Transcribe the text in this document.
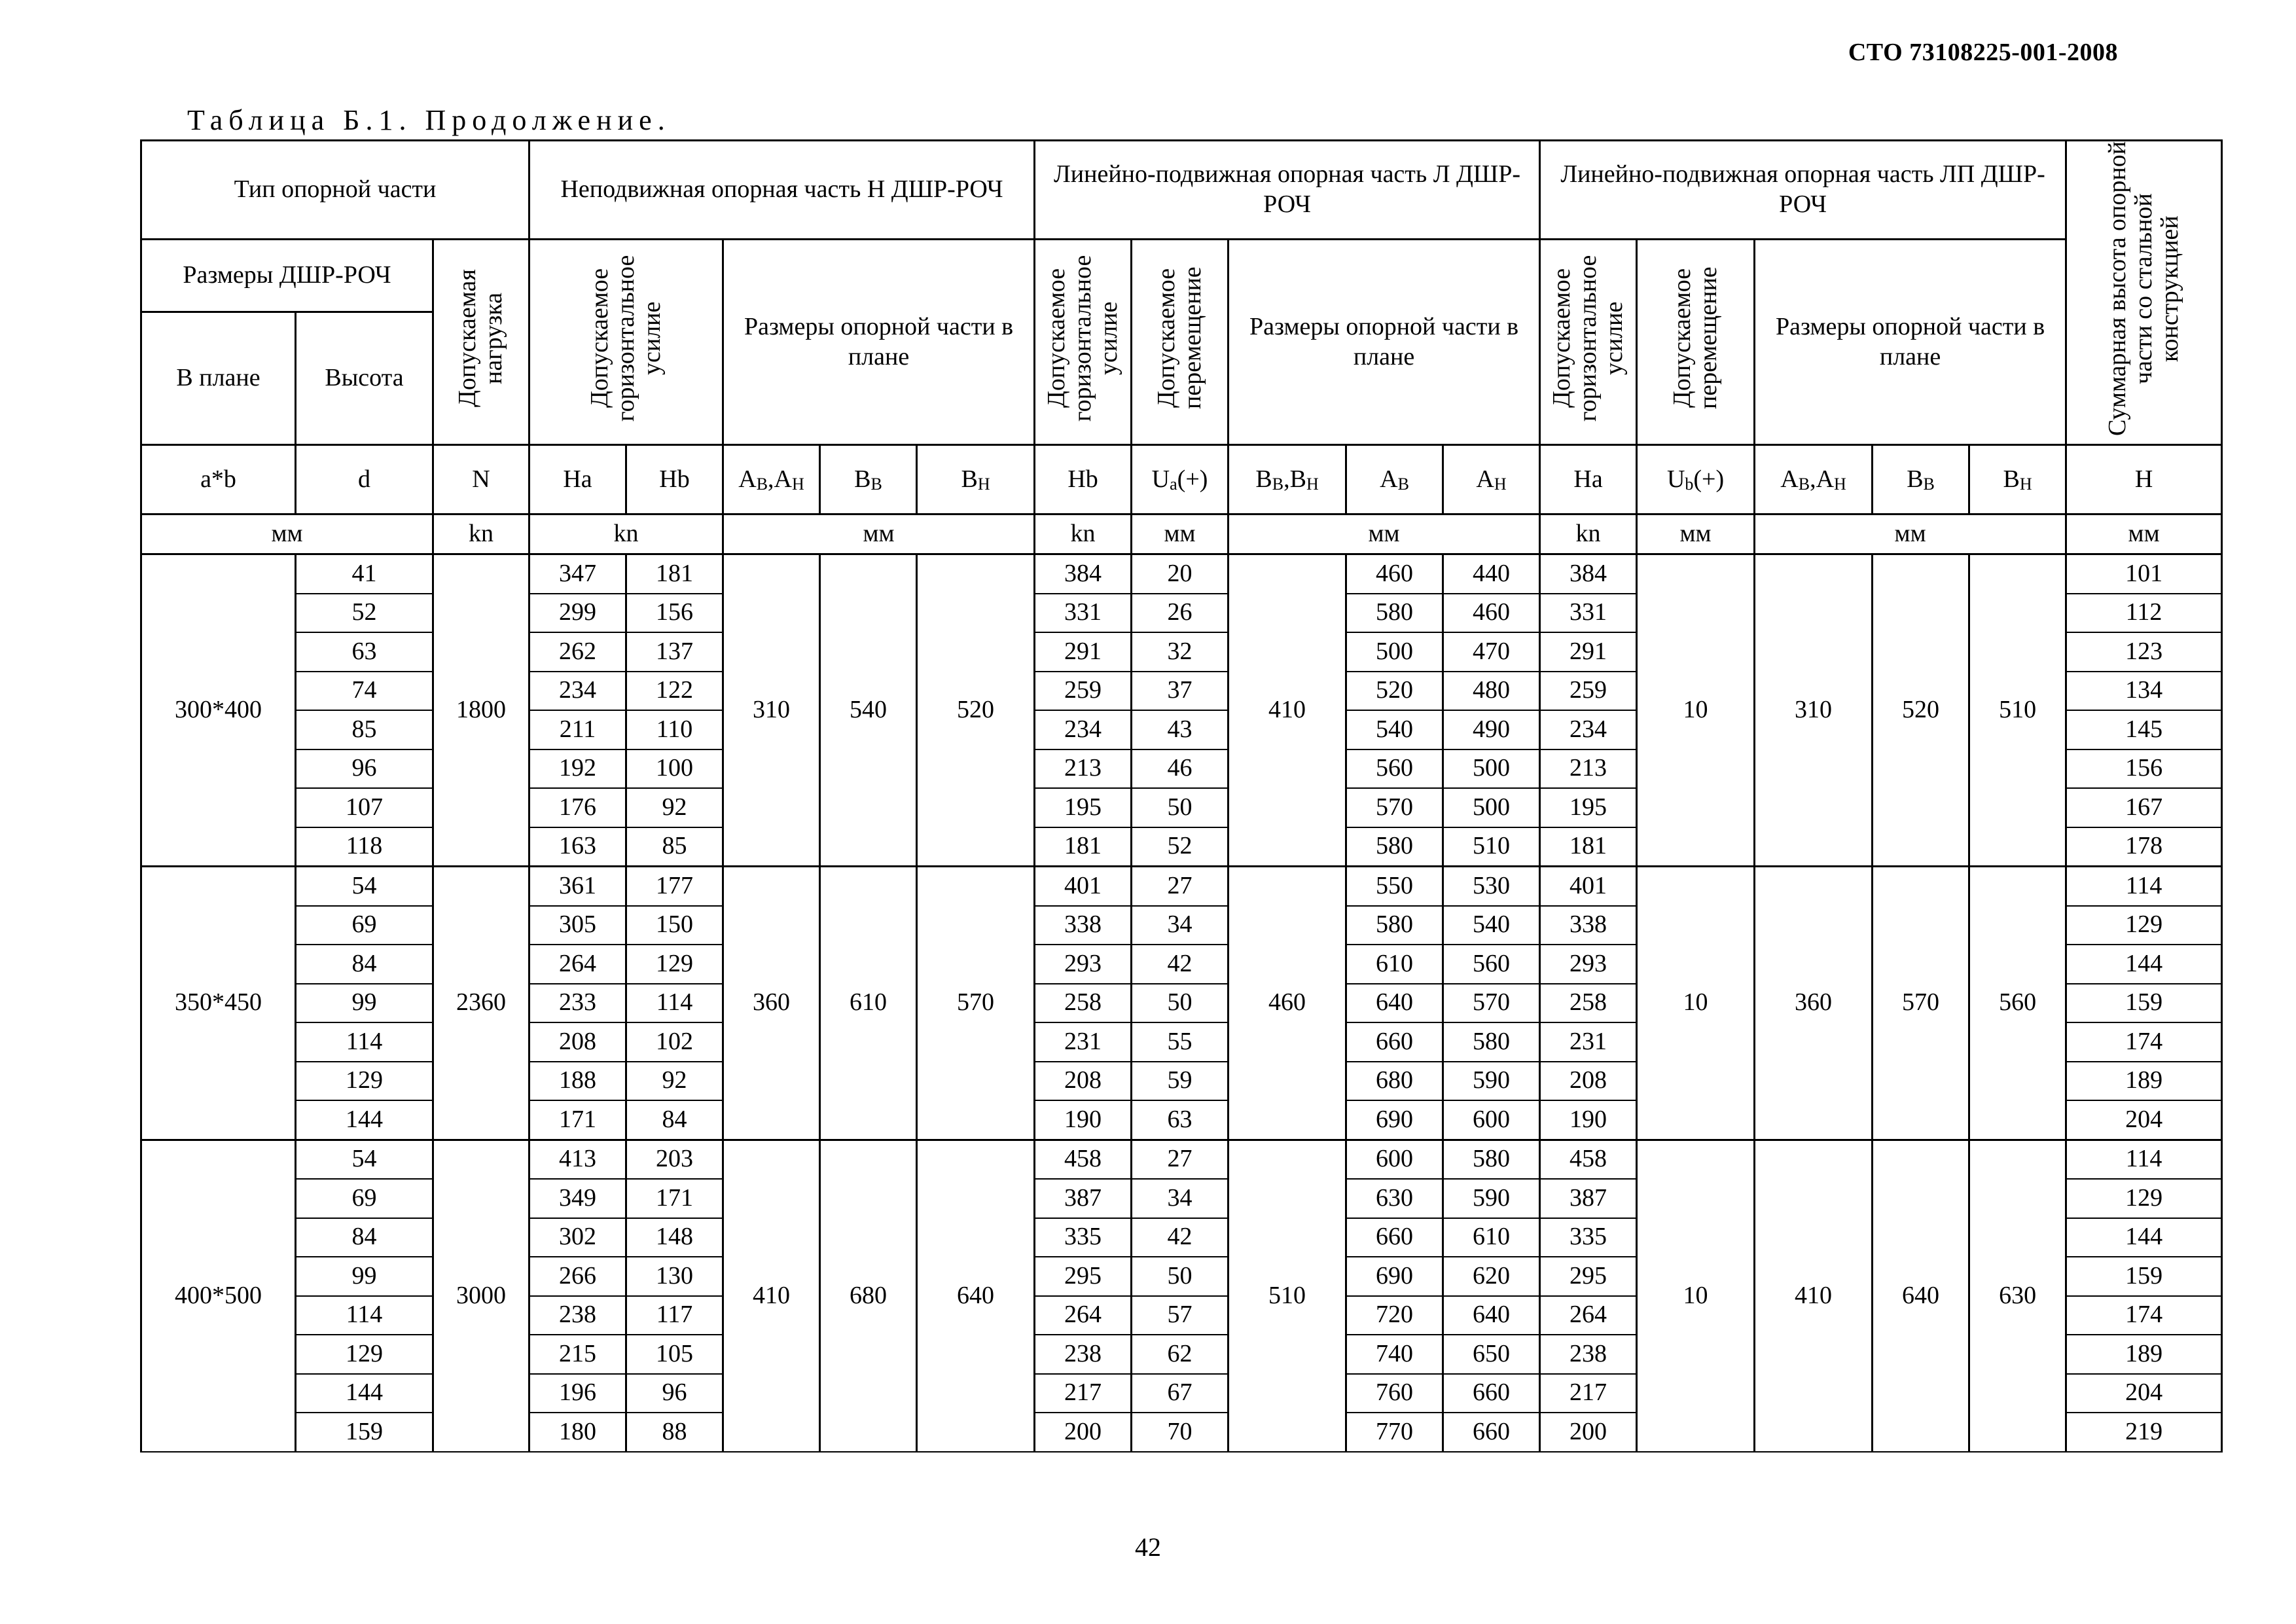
СТО 73108225-001-2008
Таблица Б.1. Продолжение.
Тип опорной части			Неподвижная опорная часть Н ДШР-РОЧ					Линейно-подвижная опорная часть Л ДШР-РОЧ					Линейно-подвижная опорная часть ЛП ДШР-РОЧ					Суммарная высота опорной части со стальной конструкцией
Размеры ДШР-РОЧ		Допускаемая нагрузка	Допускаемое горизонтальное усилие		Размеры опорной части в плане			Допускаемое горизонтальное усилие	Допускаемое перемещение	Размеры опорной части в плане			Допускаемое горизонтальное усилие	Допускаемое перемещение	Размеры опорной части в плане			
В плане	Высота																	
a*b	d	N	Ha	Hb	$A_В,A_Н$	$B_В$	$B_Н$	Hb	$U_a(+)$	$B_В,B_Н$	$A_В$	$A_Н$	Ha	$U_b(+)$	$A_В,A_Н$	$B_В$	$B_Н$	H
мм		kn	kn		мм			kn	мм	мм			kn	мм	мм			мм
300*400	41	1800	347	181	310	540	520	384	20	410	460	440	384	10	310	520	510	101
	52		299	156				331	26		580	460	331					112
	63		262	137				291	32		500	470	291					123
	74		234	122				259	37		520	480	259					134
	85		211	110				234	43		540	490	234					145
	96		192	100				213	46		560	500	213					156
	107		176	92				195	50		570	500	195					167
	118		163	85				181	52		580	510	181					178
350*450	54	2360	361	177	360	610	570	401	27	460	550	530	401	10	360	570	560	114
	69		305	150				338	34		580	540	338					129
	84		264	129				293	42		610	560	293					144
	99		233	114				258	50		640	570	258					159
	114		208	102				231	55		660	580	231					174
	129		188	92				208	59		680	590	208					189
	144		171	84				190	63		690	600	190					204
400*500	54	3000	413	203	410	680	640	458	27	510	600	580	458	10	410	640	630	114
	69		349	171				387	34		630	590	387					129
	84		302	148				335	42		660	610	335					144
	99		266	130				295	50		690	620	295					159
	114		238	117				264	57		720	640	264					174
	129		215	105				238	62		740	650	238					189
	144		196	96				217	67		760	660	217					204
	159		180	88				200	70		770	660	200					219
42
